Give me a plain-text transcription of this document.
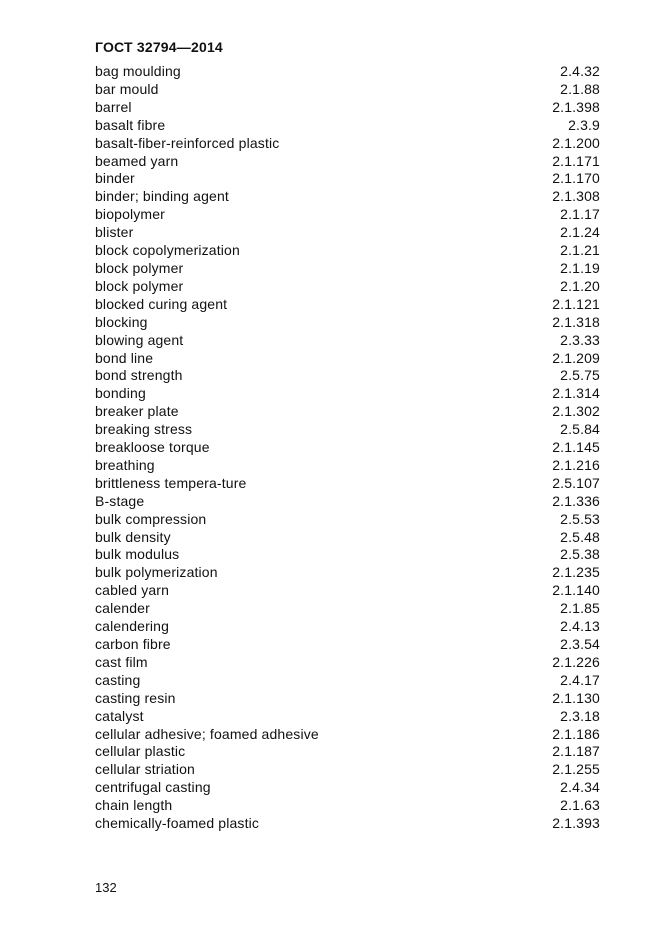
ГОСТ 32794—2014
bag moulding	2.4.32
bar mould	2.1.88
barrel	2.1.398
basalt fibre	2.3.9
basalt-fiber-reinforced plastic	2.1.200
beamed yarn	2.1.171
binder	2.1.170
binder; binding agent	2.1.308
biopolymer	2.1.17
blister	2.1.24
block copolymerization	2.1.21
block polymer	2.1.19
block polymer	2.1.20
blocked curing agent	2.1.121
blocking	2.1.318
blowing agent	2.3.33
bond line	2.1.209
bond strength	2.5.75
bonding	2.1.314
breaker plate	2.1.302
breaking stress	2.5.84
breakloose torque	2.1.145
breathing	2.1.216
brittleness tempera-ture	2.5.107
B-stage	2.1.336
bulk compression	2.5.53
bulk density	2.5.48
bulk modulus	2.5.38
bulk polymerization	2.1.235
cabled yarn	2.1.140
calender	2.1.85
calendering	2.4.13
carbon fibre	2.3.54
cast film	2.1.226
casting	2.4.17
casting resin	2.1.130
catalyst	2.3.18
cellular adhesive; foamed adhesive	2.1.186
cellular plastic	2.1.187
cellular striation	2.1.255
centrifugal casting	2.4.34
chain length	2.1.63
chemically-foamed plastic	2.1.393
132
